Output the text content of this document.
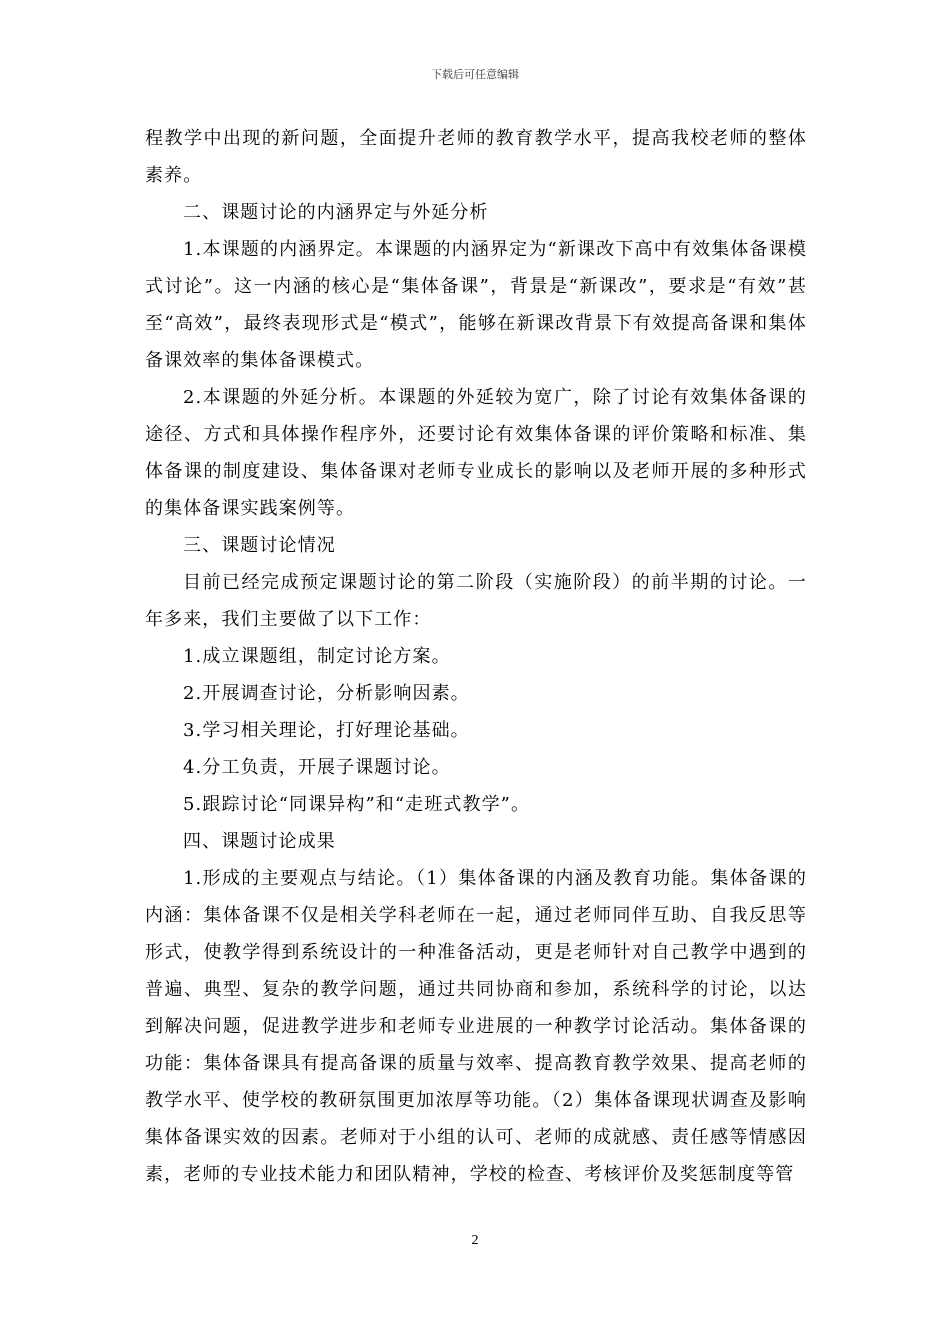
下载后可任意编辑

程教学中出现的新问题，全面提升老师的教育教学水平，提高我校老师的整体素养。

二、课题讨论的内涵界定与外延分析

1.本课题的内涵界定。本课题的内涵界定为“新课改下高中有效集体备课模式讨论”。这一内涵的核心是“集体备课”，背景是“新课改”，要求是“有效”甚至“高效”，最终表现形式是“模式”，能够在新课改背景下有效提高备课和集体备课效率的集体备课模式。

2.本课题的外延分析。本课题的外延较为宽广，除了讨论有效集体备课的途径、方式和具体操作程序外，还要讨论有效集体备课的评价策略和标准、集体备课的制度建设、集体备课对老师专业成长的影响以及老师开展的多种形式的集体备课实践案例等。

三、课题讨论情况

目前已经完成预定课题讨论的第二阶段（实施阶段）的前半期的讨论。一年多来，我们主要做了以下工作：

1.成立课题组，制定讨论方案。

2.开展调查讨论，分析影响因素。

3.学习相关理论，打好理论基础。

4.分工负责，开展子课题讨论。

5.跟踪讨论“同课异构”和“走班式教学”。

四、课题讨论成果

1.形成的主要观点与结论。（1）集体备课的内涵及教育功能。集体备课的内涵：集体备课不仅是相关学科老师在一起，通过老师同伴互助、自我反思等形式，使教学得到系统设计的一种准备活动，更是老师针对自己教学中遇到的普遍、典型、复杂的教学问题，通过共同协商和参加，系统科学的讨论，以达到解决问题，促进教学进步和老师专业进展的一种教学讨论活动。集体备课的功能：集体备课具有提高备课的质量与效率、提高教育教学效果、提高老师的教学水平、使学校的教研氛围更加浓厚等功能。（2）集体备课现状调查及影响集体备课实效的因素。老师对于小组的认可、老师的成就感、责任感等情感因素，老师的专业技术能力和团队精神，学校的检查、考核评价及奖惩制度等管

2
